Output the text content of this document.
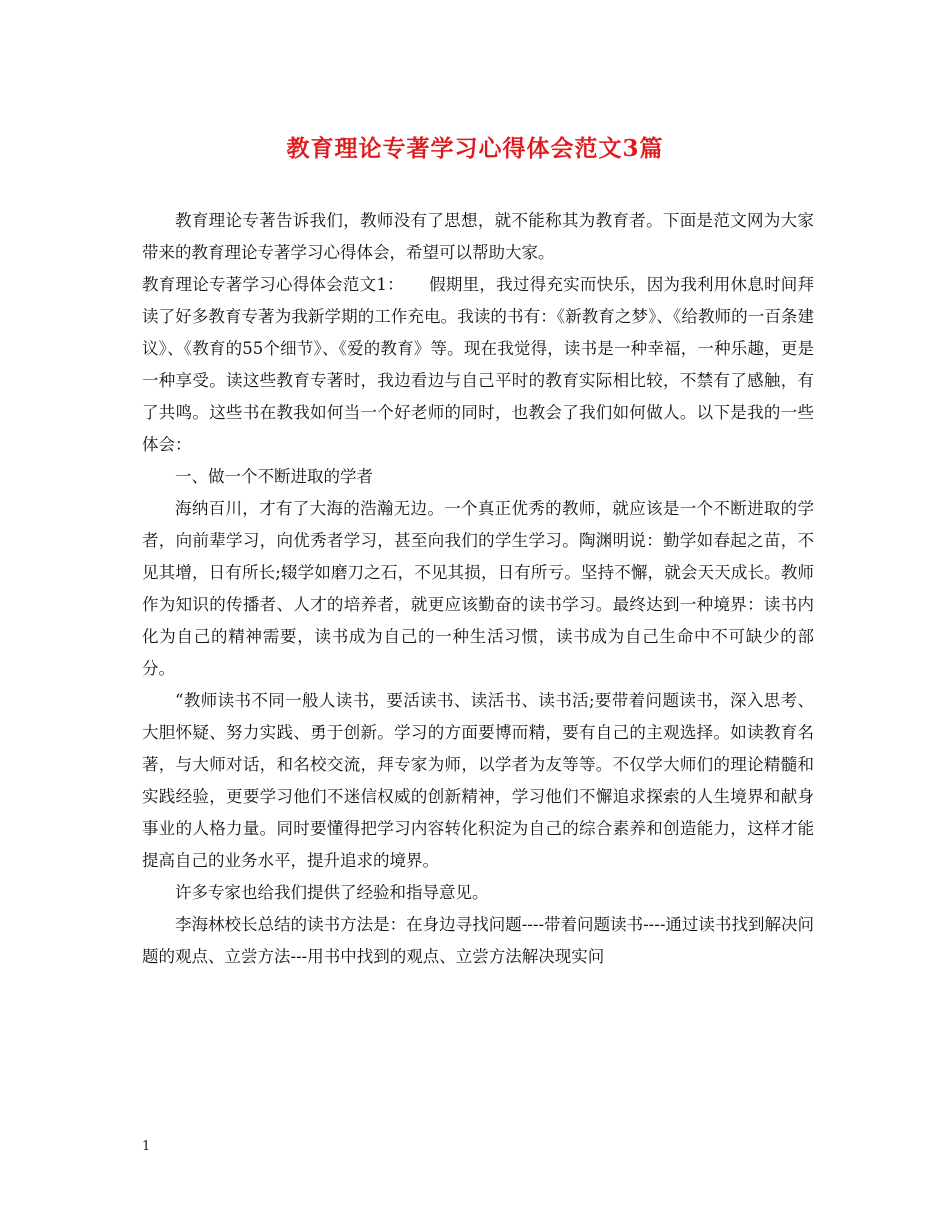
教育理论专著学习心得体会范文3篇

教育理论专著告诉我们，教师没有了思想，就不能称其为教育者。下面是范文网为大家带来的教育理论专著学习心得体会，希望可以帮助大家。

教育理论专著学习心得体会范文1：　　假期里，我过得充实而快乐，因为我利用休息时间拜读了好多教育专著为我新学期的工作充电。我读的书有：《新教育之梦》、《给教师的一百条建议》、《教育的55个细节》、《爱的教育》等。现在我觉得，读书是一种幸福，一种乐趣，更是一种享受。读这些教育专著时，我边看边与自己平时的教育实际相比较，不禁有了感触，有了共鸣。这些书在教我如何当一个好老师的同时，也教会了我们如何做人。以下是我的一些体会：

一、做一个不断进取的学者

海纳百川，才有了大海的浩瀚无边。一个真正优秀的教师，就应该是一个不断进取的学者，向前辈学习，向优秀者学习，甚至向我们的学生学习。陶渊明说：勤学如春起之苗，不见其增，日有所长;辍学如磨刀之石，不见其损，日有所亏。坚持不懈，就会天天成长。教师作为知识的传播者、人才的培养者，就更应该勤奋的读书学习。最终达到一种境界：读书内化为自己的精神需要，读书成为自己的一种生活习惯，读书成为自己生命中不可缺少的部分。

“教师读书不同一般人读书，要活读书、读活书、读书活;要带着问题读书，深入思考、大胆怀疑、努力实践、勇于创新。学习的方面要博而精，要有自己的主观选择。如读教育名著，与大师对话，和名校交流，拜专家为师，以学者为友等等。不仅学大师们的理论精髓和实践经验，更要学习他们不迷信权威的创新精神，学习他们不懈追求探索的人生境界和献身事业的人格力量。同时要懂得把学习内容转化积淀为自己的综合素养和创造能力，这样才能提高自己的业务水平，提升追求的境界。

许多专家也给我们提供了经验和指导意见。

李海林校长总结的读书方法是：在身边寻找问题----带着问题读书----通过读书找到解决问题的观点、立尝方法---用书中找到的观点、立尝方法解决现实问

1
